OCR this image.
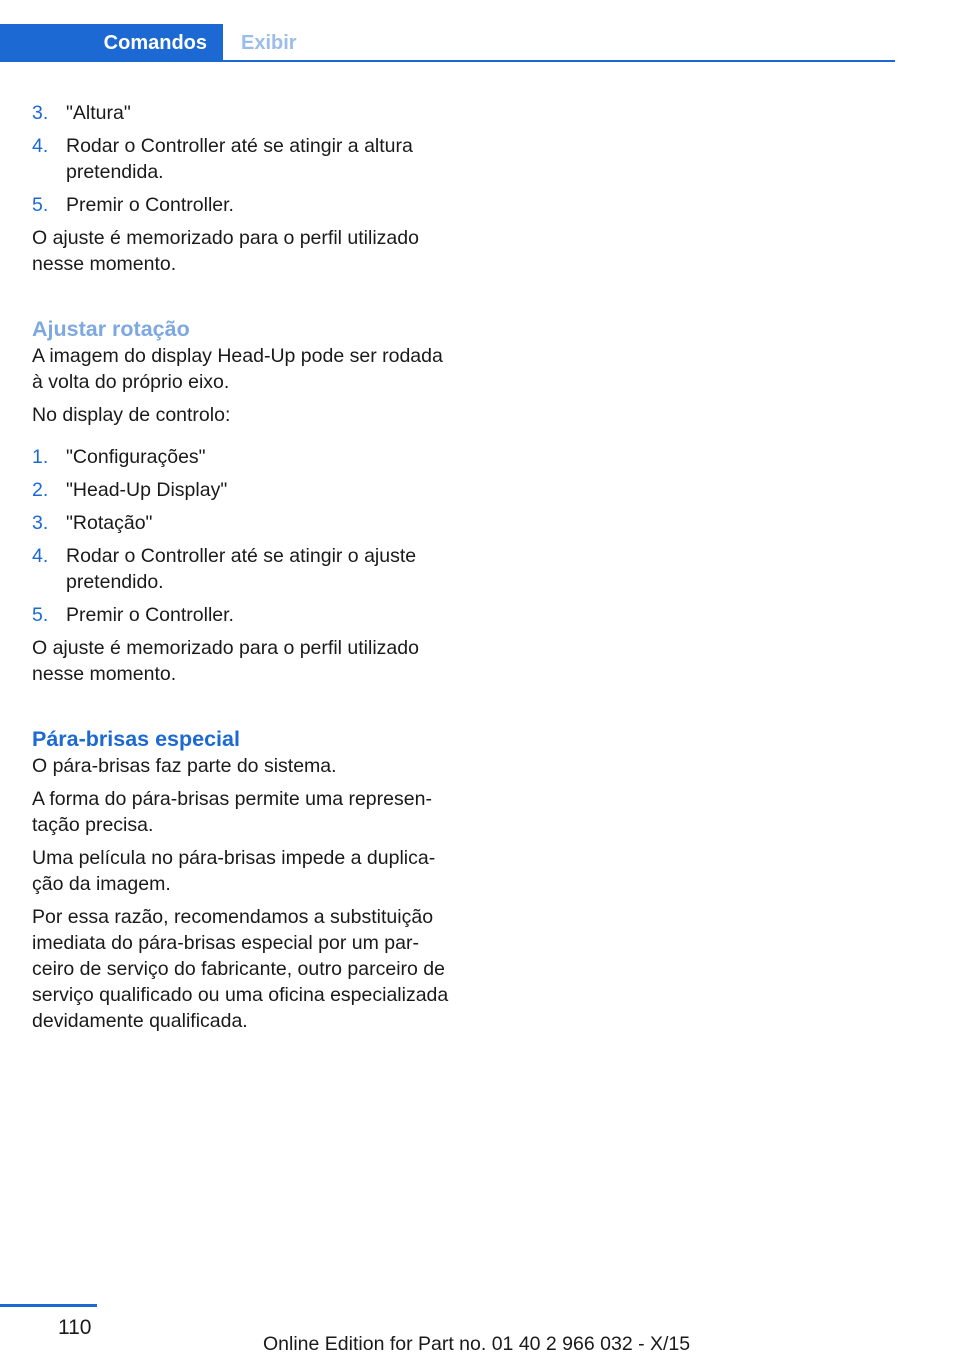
Comandos	Exibir
3. "Altura"
4. Rodar o Controller até se atingir a altura pretendida.
5. Premir o Controller.

O ajuste é memorizado para o perfil utilizado nesse momento.

Ajustar rotação

A imagem do display Head-Up pode ser rodada à volta do próprio eixo.

No display de controlo:

1. "Configurações"
2. "Head-Up Display"
3. "Rotação"
4. Rodar o Controller até se atingir o ajuste pretendido.
5. Premir o Controller.

O ajuste é memorizado para o perfil utilizado nesse momento.

Pára-brisas especial

O pára-brisas faz parte do sistema.

A forma do pára-brisas permite uma representação precisa.

Uma película no pára-brisas impede a duplicação da imagem.

Por essa razão, recomendamos a substituição imediata do pára-brisas especial por um parceiro de serviço do fabricante, outro parceiro de serviço qualificado ou uma oficina especializada devidamente qualificada.

110
Online Edition for Part no. 01 40 2 966 032 - X/15
